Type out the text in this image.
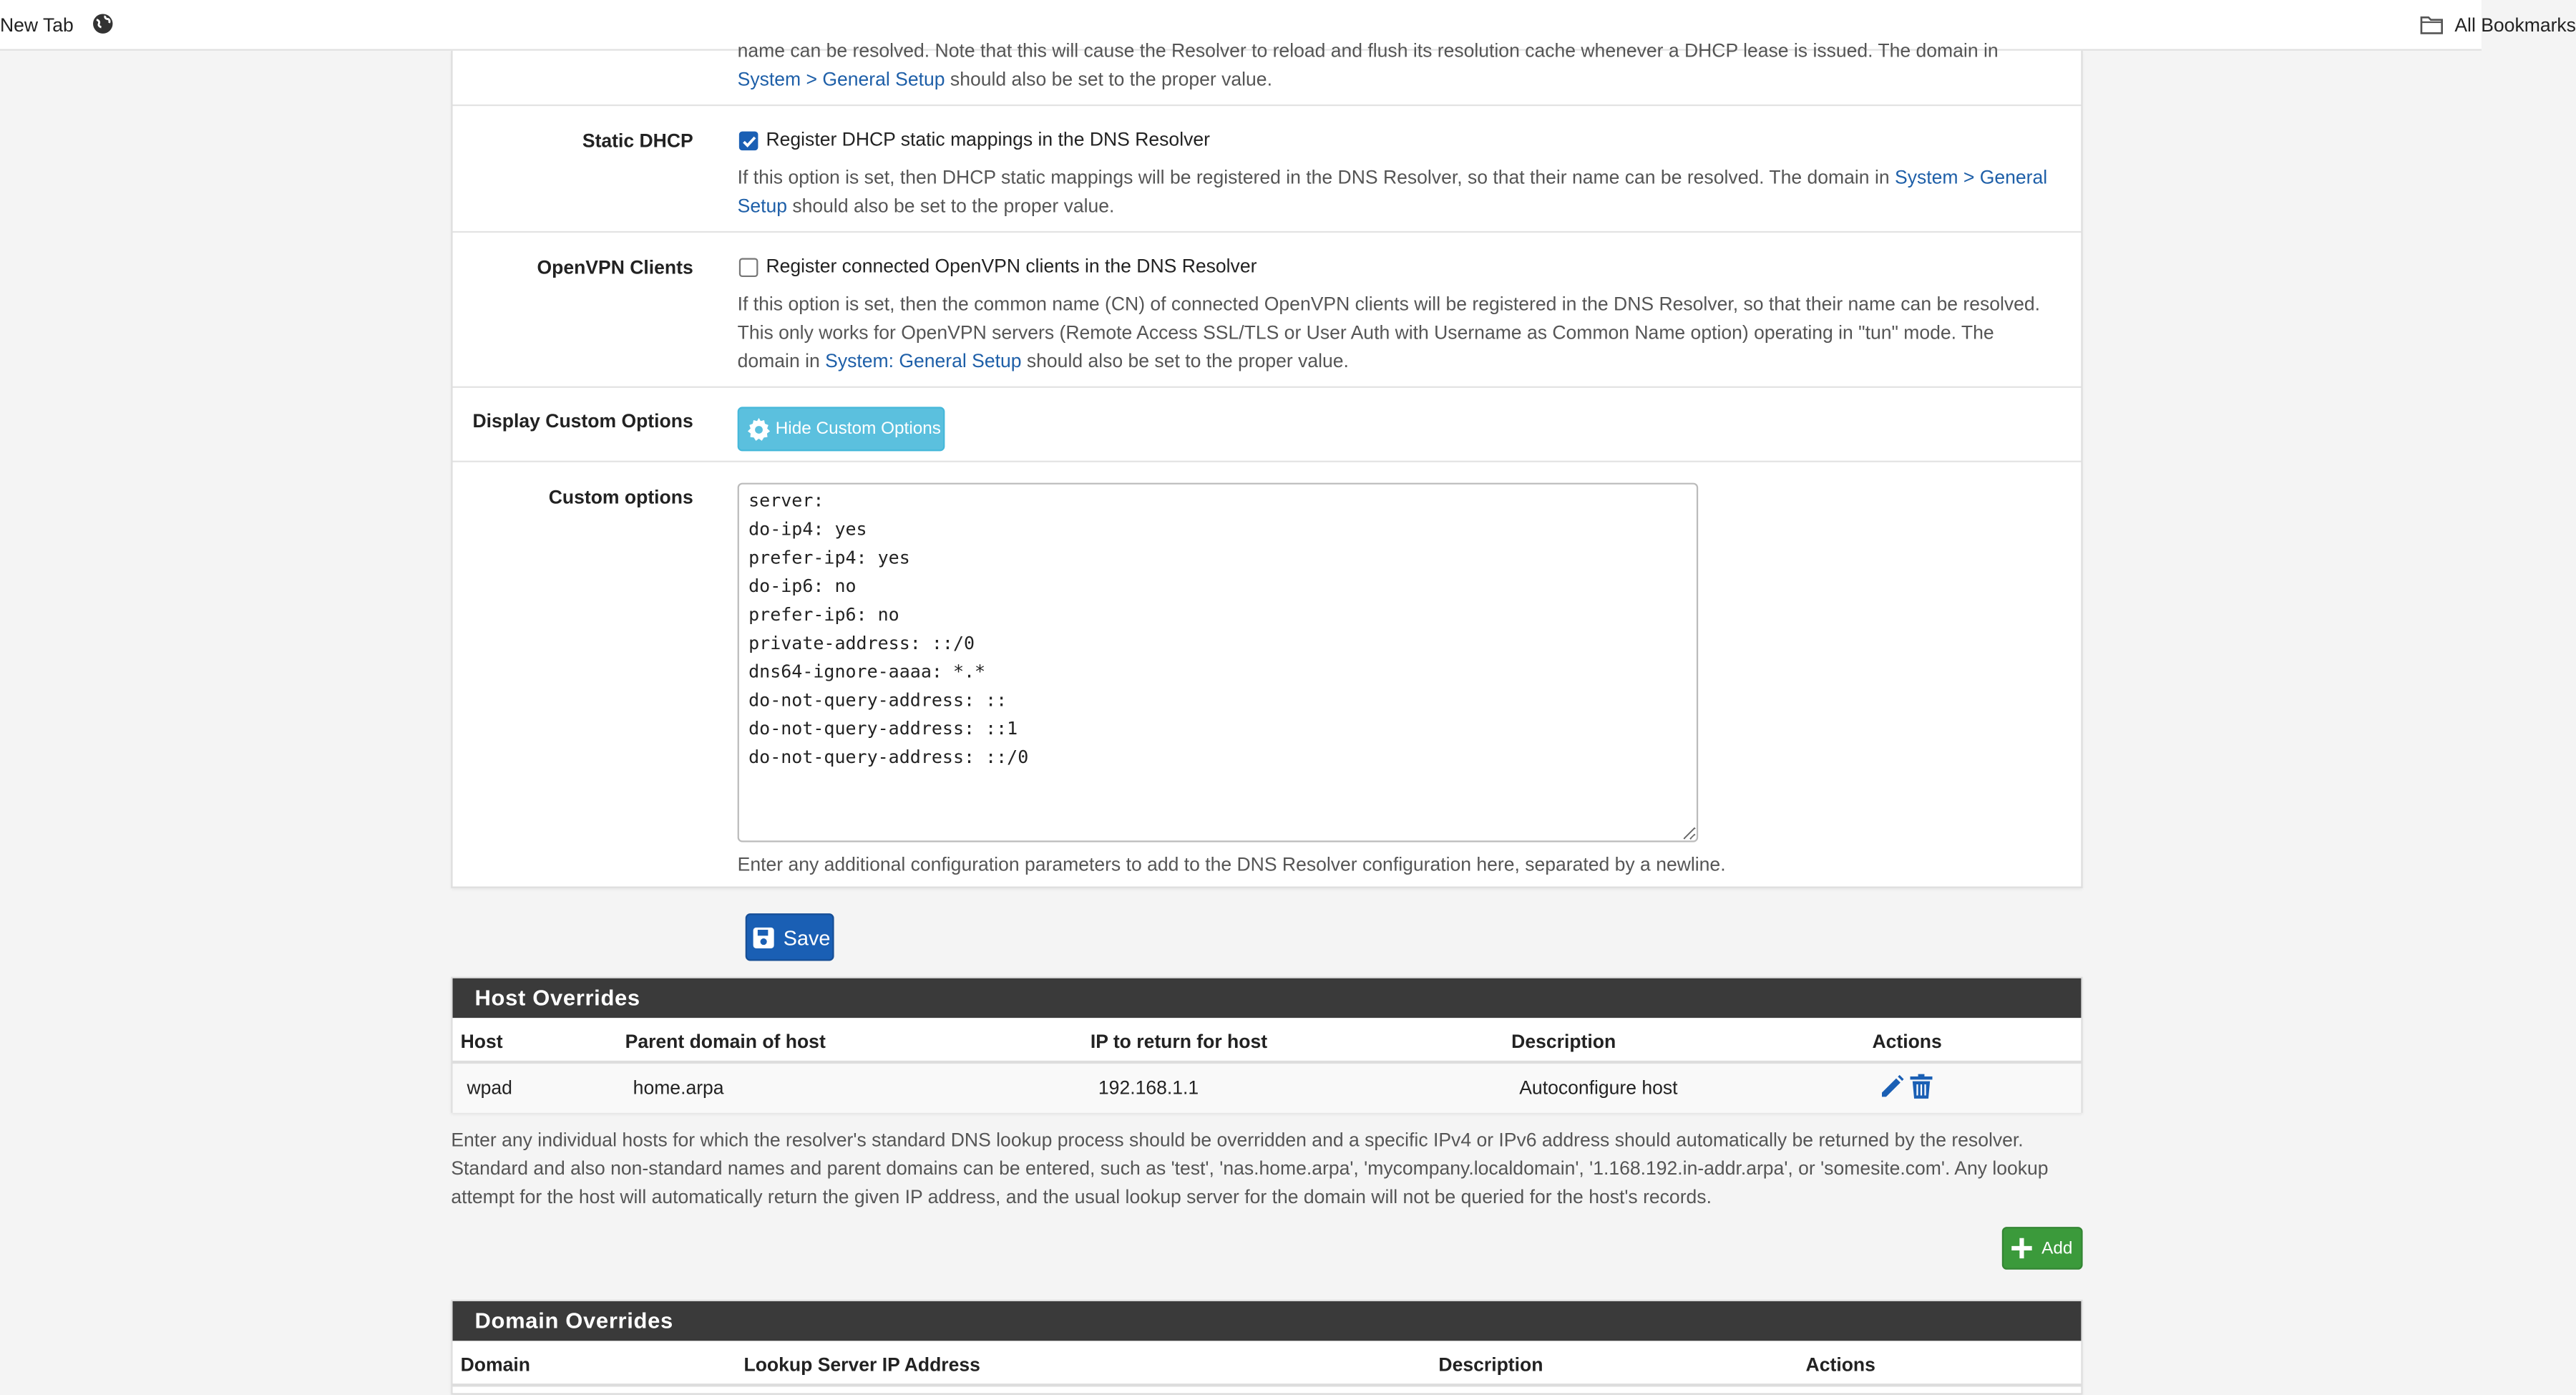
New Tab	All Bookmarks
name can be resolved. Note that this will cause the Resolver to reload and flush its resolution cache whenever a DHCP lease is issued. The domain in
System > General Setup should also be set to the proper value.
Static DHCP	Register DHCP static mappings in the DNS Resolver
If this option is set, then DHCP static mappings will be registered in the DNS Resolver, so that their name can be resolved. The domain in System > General Setup should also be set to the proper value.
OpenVPN Clients	Register connected OpenVPN clients in the DNS Resolver
If this option is set, then the common name (CN) of connected OpenVPN clients will be registered in the DNS Resolver, so that their name can be resolved. This only works for OpenVPN servers (Remote Access SSL/TLS or User Auth with Username as Common Name option) operating in "tun" mode. The domain in System: General Setup should also be set to the proper value.
Display Custom Options	Hide Custom Options
Custom options
server: do-ip4: yes prefer-ip4: yes do-ip6: no prefer-ip6: no private-address: ::/0 dns64-ignore-aaaa: *.* do-not-query-address: :: do-not-query-address: ::1 do-not-query-address: ::/0
Enter any additional configuration parameters to add to the DNS Resolver configuration here, separated by a newline.
Save
Host Overrides
Host	Parent domain of host	IP to return for host	Description	Actions
wpad	home.arpa	192.168.1.1	Autoconfigure host
Enter any individual hosts for which the resolver's standard DNS lookup process should be overridden and a specific IPv4 or IPv6 address should automatically be returned by the resolver. Standard and also non-standard names and parent domains can be entered, such as 'test', 'nas.home.arpa', 'mycompany.localdomain', '1.168.192.in-addr.arpa', or 'somesite.com'. Any lookup attempt for the host will automatically return the given IP address, and the usual lookup server for the domain will not be queried for the host's records.
Add
Domain Overrides
Domain	Lookup Server IP Address	Description	Actions
